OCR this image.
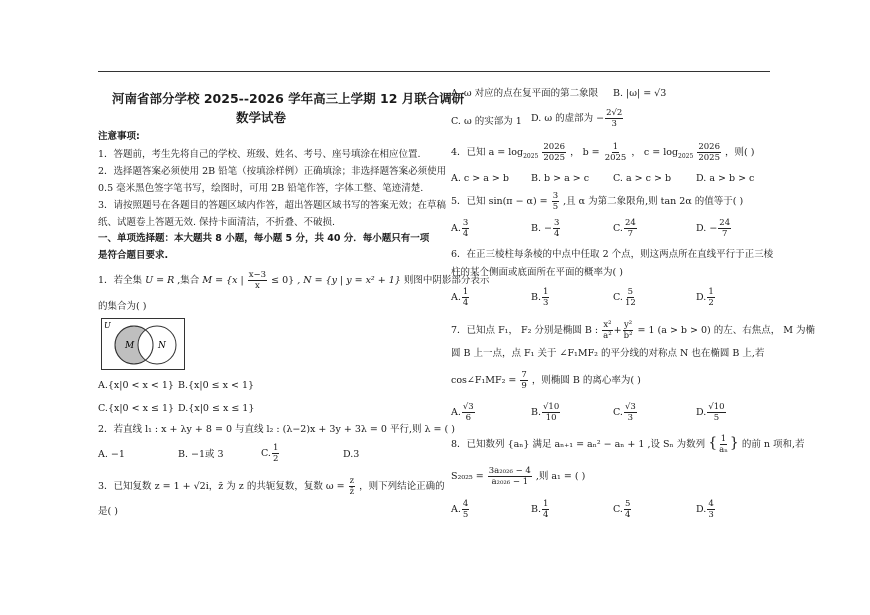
河南省部分学校 2025--2026 学年高三上学期 12 月联合调研
数学试卷
注意事项:
1．答题前，考生先将自己的学校、班级、姓名、考号、座号填涂在相应位置.
2．选择题答案必须使用 2B 铅笔（按填涂样例）正确填涂；非选择题答案必须使用
0.5 毫米黑色签字笔书写，绘图时，可用 2B 铅笔作答，字体工整、笔迹清楚.
3．请按照题号在各题目的答题区域内作答，超出答题区域书写的答案无效；在草稿
纸、试题卷上答题无效. 保持卡面清洁，不折叠、不破损.
一、单项选择题：本大题共 8 小题，每小题 5 分，共 40 分．每小题只有一项
是符合题目要求.
1．若全集 U = R ,集合 M = {x | $\frac{x-3}{x} \le 0$} , N = {y | y = x² + 1} 则图中阴影部分表示
的集合为( )
U
M	N
A.{x|0 < x < 1} B.{x|0 ≤ x < 1}
C.{x|0 < x ≤ 1} D.{x|0 ≤ x ≤ 1}
2．若直线 l₁ : x + λy + 8 = 0 与直线 l₂ : (λ−2)x + 3y + 3λ = 0 平行,则 λ = ( )
A. −1	B. −1或 3	C. $\frac{1}{2}$	D.3
3．已知复数 z = 1 + √2i，z̄ 为 z 的共轭复数，复数 $\omega = \frac{z}{z̄}$ ，则下列结论正确的
是( )
A. ω 对应的点在复平面的第二象限 B. |ω| = √3
C. ω 的实部为 1 D. ω 的虚部为 − $\frac{2√2}{3}$
4．已知 $a = \log_{2025} \frac{2026}{2025}$ ， $b = \frac{1}{2025}$ ， $c = \log_{2025} \frac{2026}{2025}$ ，则( )
A. c > a > b B. b > a > c	C. a > c > b	D. a > b > c
5．已知 $\sin(\pi - \alpha) = \frac{3}{5}$ ,且 α 为第二象限角,则 tan 2α 的值等于( )
A. $\frac{3}{4}$	B. − $\frac{3}{4}$	C. $\frac{24}{7}$	D. − $\frac{24}{7}$
6．在正三棱柱每条棱的中点中任取 2 个点，则这两点所在直线平行于正三棱
柱的某个侧面或底面所在平面的概率为( )
A. $\frac{1}{4}$	B. $\frac{1}{3}$	C. $\frac{5}{12}$	D. $\frac{1}{2}$
7．已知点 F₁， F₂ 分别是椭圆 B : $\frac{\text{x²}}{\text{a²}} + \frac{\text{y²}}{\text{b²}} = 1$ (a > b > 0) 的左、右焦点， M 为椭
圆 B 上一点，点 F₁ 关于 ∠F₁MF₂ 的平分线的对称点 N 也在椭圆 B 上,若
cos∠F₁MF₂ = $\frac{7}{9}$ ，则椭圆 B 的离心率为( )
A. $\frac{√3}{6}$	B. $\frac{√10}{10}$	C. $\frac{√3}{3}$	D. $\frac{√10}{5}$
8．已知数列 {aₙ} 满足 aₙ₊₁ = aₙ² − aₙ + 1 ,设 Sₙ 为数列 { $\frac{1}{\text{aₙ}}$ } 的前 n 项和,若
$S_{2025} = \frac{\text{3a₂₀₂₆ − 4}}{\text{a₂₀₂₆ − 1}}$ ,则 a₁ = ( )
A. $\frac{4}{5}$	B. $\frac{1}{4}$	C. $\frac{5}{4}$	D. $\frac{4}{3}$
